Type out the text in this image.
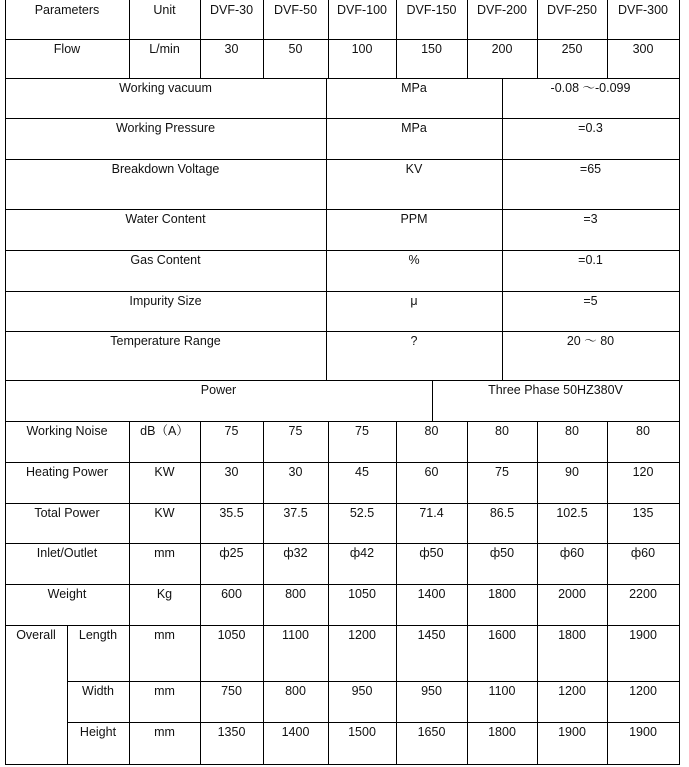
Parameters	Unit	DVF-30	DVF-50	DVF-100	DVF-150	DVF-200	DVF-250	DVF-300
Flow	L/min	30	50	100	150	200	250	300
Working vacuum	MPa	-0.08 ～-0.099
Working Pressure	MPa	=0.3
Breakdown Voltage	KV	=65
Water Content	PPM	=3
Gas Content	%	=0.1
Impurity Size	μ	=5
Temperature Range	?	20 ～ 80
Power	Three Phase 50HZ380V
Working Noise	dB（A）	75	75	75	80	80	80	80
Heating Power	KW	30	30	45	60	75	90	120
Total Power	KW	35.5	37.5	52.5	71.4	86.5	102.5	135
Inlet/Outlet	mm	ф25	ф32	ф42	ф50	ф50	ф60	ф60
Weight	Kg	600	800	1050	1400	1800	2000	2200
Overall	Length	mm	1050	1100	1200	1450	1600	1800	1900
Width	mm	750	800	950	950	1100	1200	1200
Height	mm	1350	1400	1500	1650	1800	1900	1900
